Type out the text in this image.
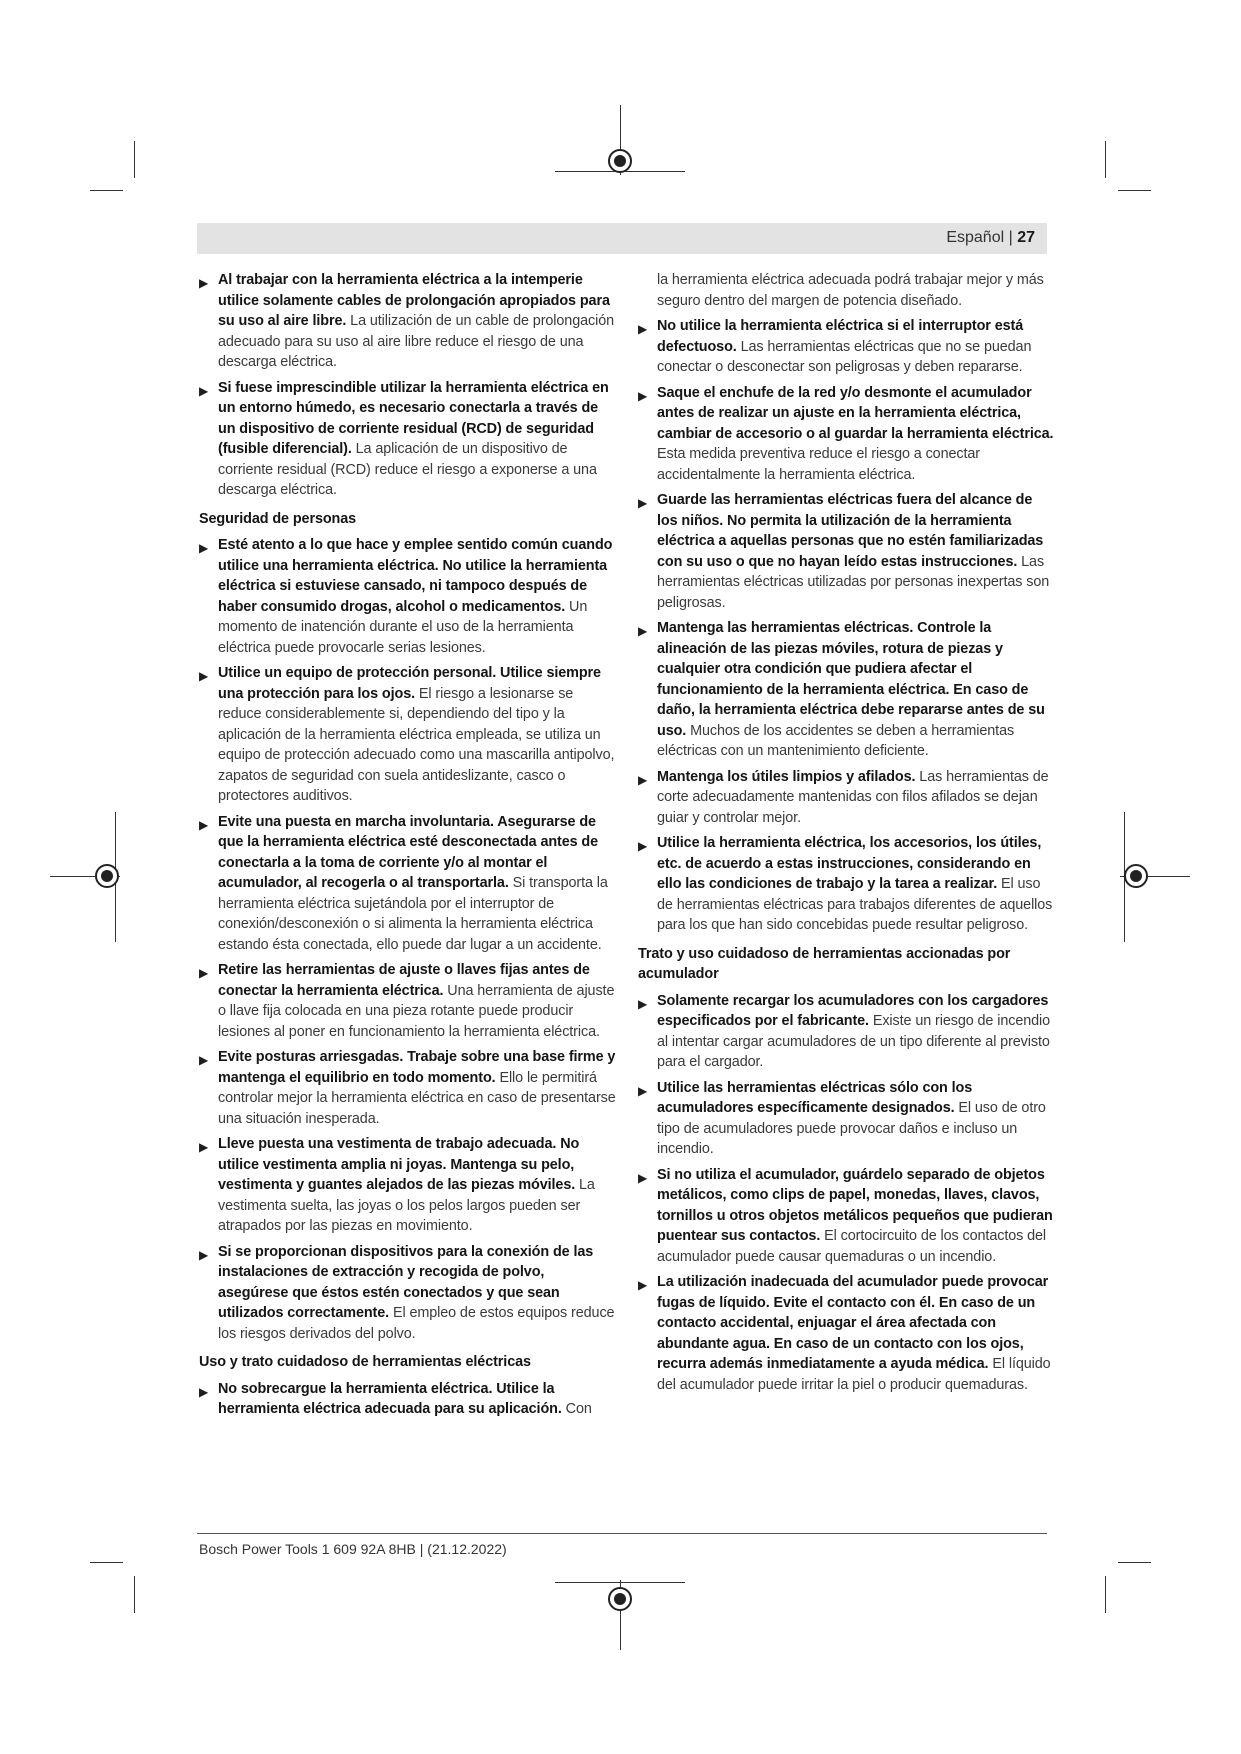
Español | 27
▶ Al trabajar con la herramienta eléctrica a la intemperie utilice solamente cables de prolongación apropiados para su uso al aire libre. La utilización de un cable de prolongación adecuado para su uso al aire libre reduce el riesgo de una descarga eléctrica.
▶ Si fuese imprescindible utilizar la herramienta eléctrica en un entorno húmedo, es necesario conectarla a través de un dispositivo de corriente residual (RCD) de seguridad (fusible diferencial). La aplicación de un dispositivo de corriente residual (RCD) reduce el riesgo a exponerse a una descarga eléctrica.
Seguridad de personas
▶ Esté atento a lo que hace y emplee sentido común cuando utilice una herramienta eléctrica. No utilice la herramienta eléctrica si estuviese cansado, ni tampoco después de haber consumido drogas, alcohol o medicamentos. Un momento de inatención durante el uso de la herramienta eléctrica puede provocarle serias lesiones.
▶ Utilice un equipo de protección personal. Utilice siempre una protección para los ojos. El riesgo a lesionarse se reduce considerablemente si, dependiendo del tipo y la aplicación de la herramienta eléctrica empleada, se utiliza un equipo de protección adecuado como una mascarilla antipolvo, zapatos de seguridad con suela antideslizante, casco o protectores auditivos.
▶ Evite una puesta en marcha involuntaria. Asegurarse de que la herramienta eléctrica esté desconectada antes de conectarla a la toma de corriente y/o al montar el acumulador, al recogerla o al transportarla. Si transporta la herramienta eléctrica sujetándola por el interruptor de conexión/desconexión o si alimenta la herramienta eléctrica estando ésta conectada, ello puede dar lugar a un accidente.
▶ Retire las herramientas de ajuste o llaves fijas antes de conectar la herramienta eléctrica. Una herramienta de ajuste o llave fija colocada en una pieza rotante puede producir lesiones al poner en funcionamiento la herramienta eléctrica.
▶ Evite posturas arriesgadas. Trabaje sobre una base firme y mantenga el equilibrio en todo momento. Ello le permitirá controlar mejor la herramienta eléctrica en caso de presentarse una situación inesperada.
▶ Lleve puesta una vestimenta de trabajo adecuada. No utilice vestimenta amplia ni joyas. Mantenga su pelo, vestimenta y guantes alejados de las piezas móviles. La vestimenta suelta, las joyas o los pelos largos pueden ser atrapados por las piezas en movimiento.
▶ Si se proporcionan dispositivos para la conexión de las instalaciones de extracción y recogida de polvo, asegúrese que éstos estén conectados y que sean utilizados correctamente. El empleo de estos equipos reduce los riesgos derivados del polvo.
Uso y trato cuidadoso de herramientas eléctricas
▶ No sobrecargue la herramienta eléctrica. Utilice la herramienta eléctrica adecuada para su aplicación. Con
la herramienta eléctrica adecuada podrá trabajar mejor y más seguro dentro del margen de potencia diseñado.
▶ No utilice la herramienta eléctrica si el interruptor está defectuoso. Las herramientas eléctricas que no se puedan conectar o desconectar son peligrosas y deben repararse.
▶ Saque el enchufe de la red y/o desmonte el acumulador antes de realizar un ajuste en la herramienta eléctrica, cambiar de accesorio o al guardar la herramienta eléctrica. Esta medida preventiva reduce el riesgo a conectar accidentalmente la herramienta eléctrica.
▶ Guarde las herramientas eléctricas fuera del alcance de los niños. No permita la utilización de la herramienta eléctrica a aquellas personas que no estén familiarizadas con su uso o que no hayan leído estas instrucciones. Las herramientas eléctricas utilizadas por personas inexpertas son peligrosas.
▶ Mantenga las herramientas eléctricas. Controle la alineación de las piezas móviles, rotura de piezas y cualquier otra condición que pudiera afectar el funcionamiento de la herramienta eléctrica. En caso de daño, la herramienta eléctrica debe repararse antes de su uso. Muchos de los accidentes se deben a herramientas eléctricas con un mantenimiento deficiente.
▶ Mantenga los útiles limpios y afilados. Las herramientas de corte adecuadamente mantenidas con filos afilados se dejan guiar y controlar mejor.
▶ Utilice la herramienta eléctrica, los accesorios, los útiles, etc. de acuerdo a estas instrucciones, considerando en ello las condiciones de trabajo y la tarea a realizar. El uso de herramientas eléctricas para trabajos diferentes de aquellos para los que han sido concebidas puede resultar peligroso.
Trato y uso cuidadoso de herramientas accionadas por acumulador
▶ Solamente recargar los acumuladores con los cargadores especificados por el fabricante. Existe un riesgo de incendio al intentar cargar acumuladores de un tipo diferente al previsto para el cargador.
▶ Utilice las herramientas eléctricas sólo con los acumuladores específicamente designados. El uso de otro tipo de acumuladores puede provocar daños e incluso un incendio.
▶ Si no utiliza el acumulador, guárdelo separado de objetos metálicos, como clips de papel, monedas, llaves, clavos, tornillos u otros objetos metálicos pequeños que pudieran puentear sus contactos. El cortocircuito de los contactos del acumulador puede causar quemaduras o un incendio.
▶ La utilización inadecuada del acumulador puede provocar fugas de líquido. Evite el contacto con él. En caso de un contacto accidental, enjuagar el área afectada con abundante agua. En caso de un contacto con los ojos, recurra además inmediatamente a ayuda médica. El líquido del acumulador puede irritar la piel o producir quemaduras.
Bosch Power Tools 1 609 92A 8HB | (21.12.2022)
